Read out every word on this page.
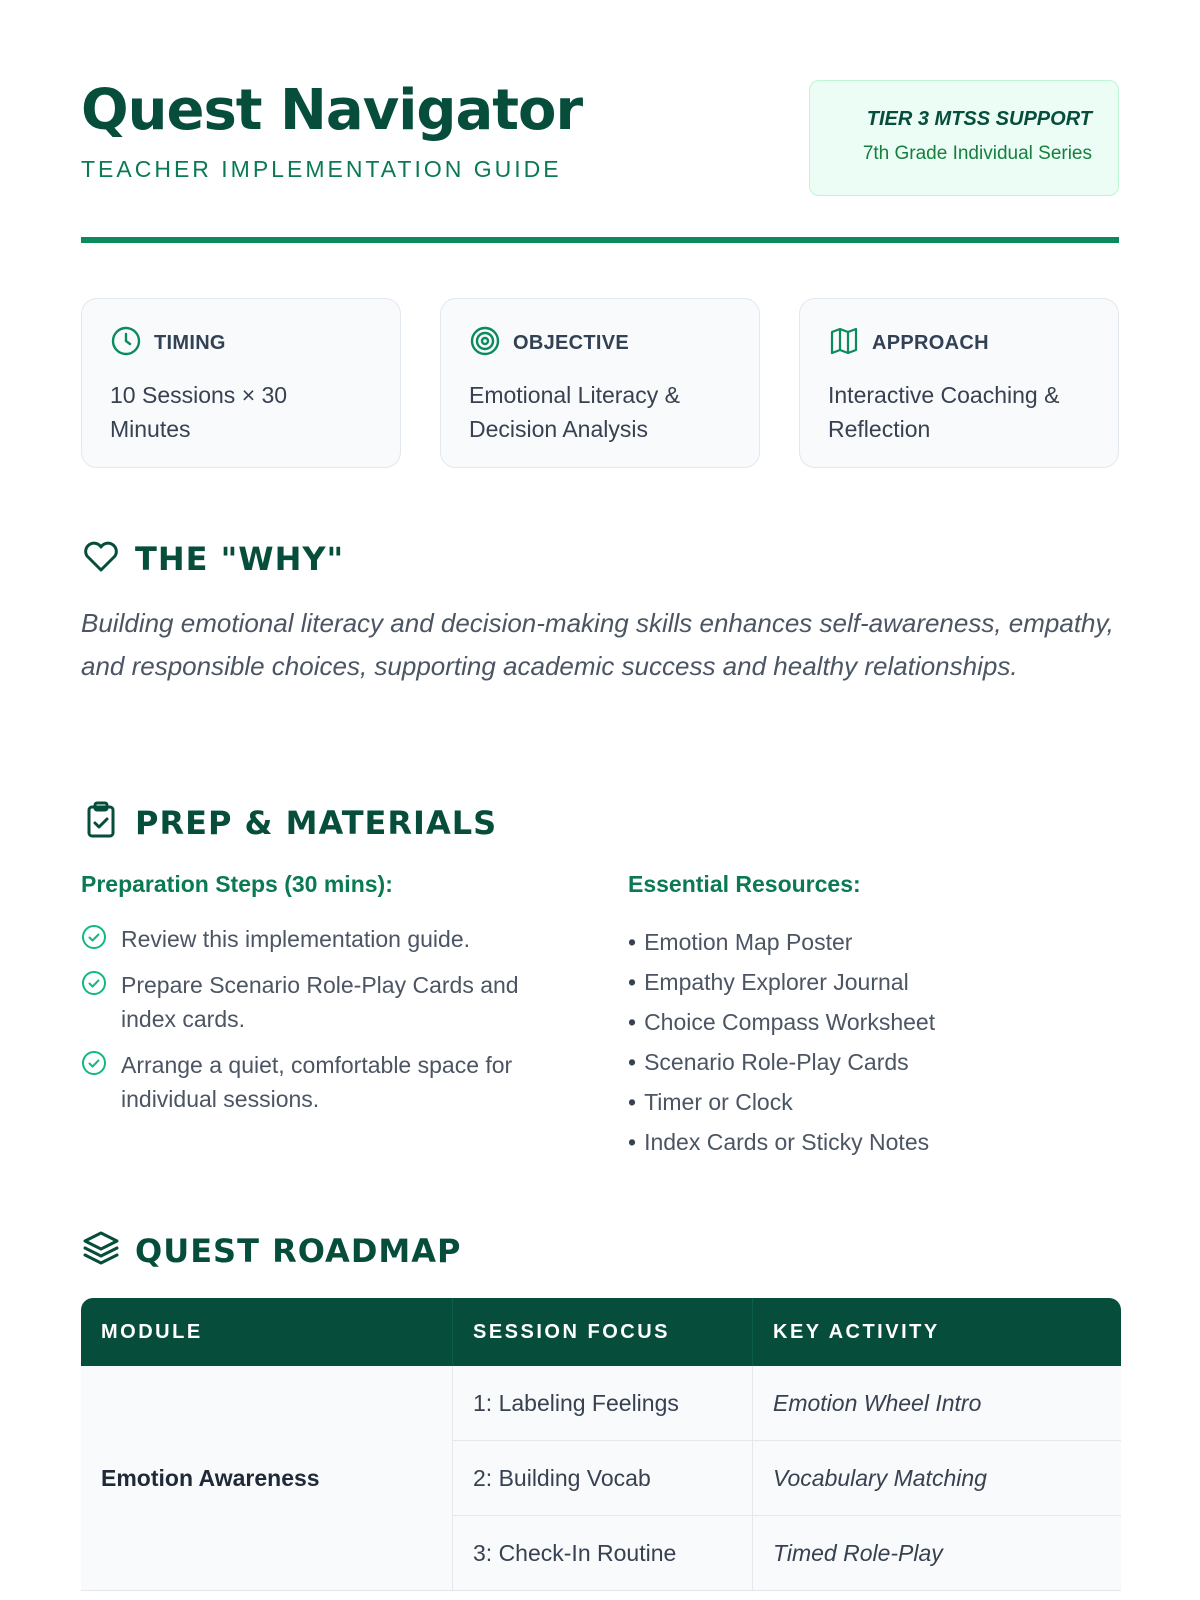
Quest Navigator
TEACHER IMPLEMENTATION GUIDE
TIER 3 MTSS SUPPORT
7th Grade Individual Series
TIMING
10 Sessions × 30 Minutes
OBJECTIVE
Emotional Literacy & Decision Analysis
APPROACH
Interactive Coaching & Reflection
THE "WHY"

Building emotional literacy and decision-making skills enhances self-awareness, empathy, and responsible choices, supporting academic success and healthy relationships.

PREP & MATERIALS
Preparation Steps (30 mins):
Review this implementation guide.
Prepare Scenario Role-Play Cards and index cards.
Arrange a quiet, comfortable space for individual sessions.
Essential Resources:
• Emotion Map Poster
• Empathy Explorer Journal
• Choice Compass Worksheet
• Scenario Role-Play Cards
• Timer or Clock
• Index Cards or Sticky Notes
QUEST ROADMAP
MODULE	SESSION FOCUS	KEY ACTIVITY
Emotion Awareness	1: Labeling Feelings	Emotion Wheel Intro
	2: Building Vocab	Vocabulary Matching
	3: Check-In Routine	Timed Role-Play
